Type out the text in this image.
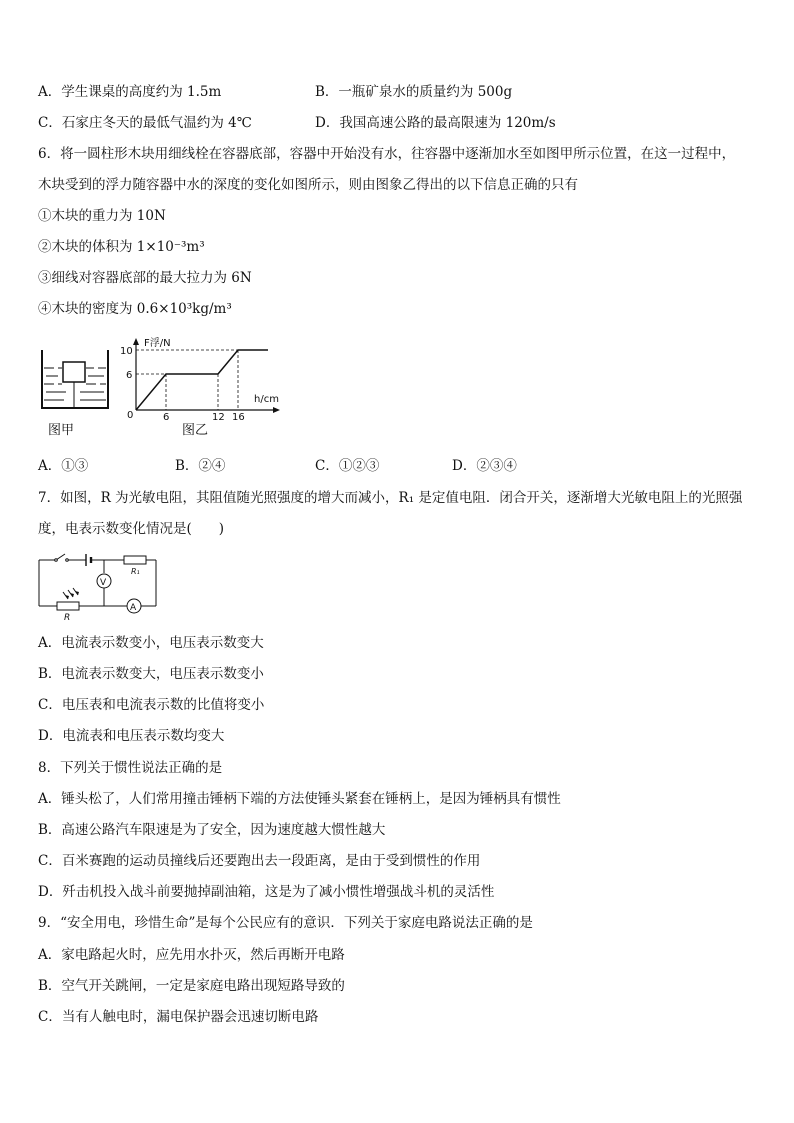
A．学生课桌的高度约为 1.5m	B．一瓶矿泉水的质量约为 500g
C．石家庄冬天的最低气温约为 4℃	D．我国高速公路的最高限速为 120m/s
6．将一圆柱形木块用细线栓在容器底部，容器中开始没有水，往容器中逐渐加水至如图甲所示位置，在这一过程中，
木块受到的浮力随容器中水的深度的变化如图所示，则由图象乙得出的以下信息正确的只有
①木块的重力为 10N
②木块的体积为 1×10⁻³m³
③细线对容器底部的最大拉力为 6N
④木块的密度为 0.6×10³kg/m³
图甲
F浮/N
h/cm
0
6
10
6	12 16
图乙
A．①③	B．②④	C．①②③	D．②③④
7．如图，R 为光敏电阻，其阻值随光照强度的增大而减小，R₁ 是定值电阻．闭合开关，逐渐增大光敏电阻上的光照强
度，电表示数变化情况是(　　)
R₁
R
V
A
A．电流表示数变小，电压表示数变大
B．电流表示数变大，电压表示数变小
C．电压表和电流表示数的比值将变小
D．电流表和电压表示数均变大
8．下列关于惯性说法正确的是
A．锤头松了，人们常用撞击锤柄下端的方法使锤头紧套在锤柄上，是因为锤柄具有惯性
B．高速公路汽车限速是为了安全，因为速度越大惯性越大
C．百米赛跑的运动员撞线后还要跑出去一段距离，是由于受到惯性的作用
D．歼击机投入战斗前要抛掉副油箱，这是为了减小惯性增强战斗机的灵活性
9．“安全用电，珍惜生命”是每个公民应有的意识．下列关于家庭电路说法正确的是
A．家电路起火时，应先用水扑灭，然后再断开电路
B．空气开关跳闸，一定是家庭电路出现短路导致的
C．当有人触电时，漏电保护器会迅速切断电路
